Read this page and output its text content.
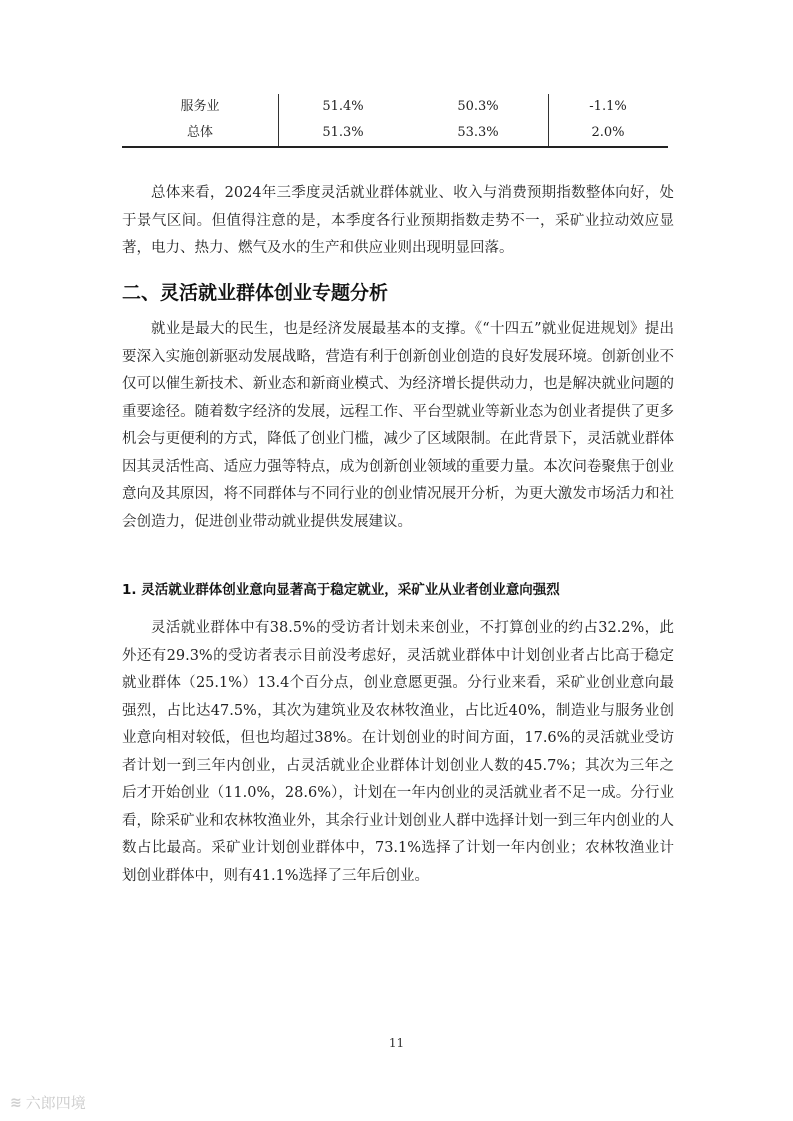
服务业	51.4%	50.3%	-1.1%
总体	51.3%	53.3%	2.0%

总体来看，2024年三季度灵活就业群体就业、收入与消费预期指数整体向好，处于景气区间。但值得注意的是，本季度各行业预期指数走势不一，采矿业拉动效应显著，电力、热力、燃气及水的生产和供应业则出现明显回落。

二、灵活就业群体创业专题分析

就业是最大的民生，也是经济发展最基本的支撑。《“十四五”就业促进规划》提出要深入实施创新驱动发展战略，营造有利于创新创业创造的良好发展环境。创新创业不仅可以催生新技术、新业态和新商业模式、为经济增长提供动力，也是解决就业问题的重要途径。随着数字经济的发展，远程工作、平台型就业等新业态为创业者提供了更多机会与更便利的方式，降低了创业门槛，减少了区域限制。在此背景下，灵活就业群体因其灵活性高、适应力强等特点，成为创新创业领域的重要力量。本次问卷聚焦于创业意向及其原因，将不同群体与不同行业的创业情况展开分析，为更大激发市场活力和社会创造力，促进创业带动就业提供发展建议。

1. 灵活就业群体创业意向显著高于稳定就业，采矿业从业者创业意向强烈

灵活就业群体中有38.5%的受访者计划未来创业，不打算创业的约占32.2%，此外还有29.3%的受访者表示目前没考虑好，灵活就业群体中计划创业者占比高于稳定就业群体（25.1%）13.4个百分点，创业意愿更强。分行业来看，采矿业创业意向最强烈，占比达47.5%，其次为建筑业及农林牧渔业，占比近40%，制造业与服务业创业意向相对较低，但也均超过38%。在计划创业的时间方面，17.6%的灵活就业受访者计划一到三年内创业，占灵活就业企业群体计划创业人数的45.7%；其次为三年之后才开始创业（11.0%，28.6%），计划在一年内创业的灵活就业者不足一成。分行业看，除采矿业和农林牧渔业外，其余行业计划创业人群中选择计划一到三年内创业的人数占比最高。采矿业计划创业群体中，73.1%选择了计划一年内创业；农林牧渔业计划创业群体中，则有41.1%选择了三年后创业。

11
≋ 六郎四境
